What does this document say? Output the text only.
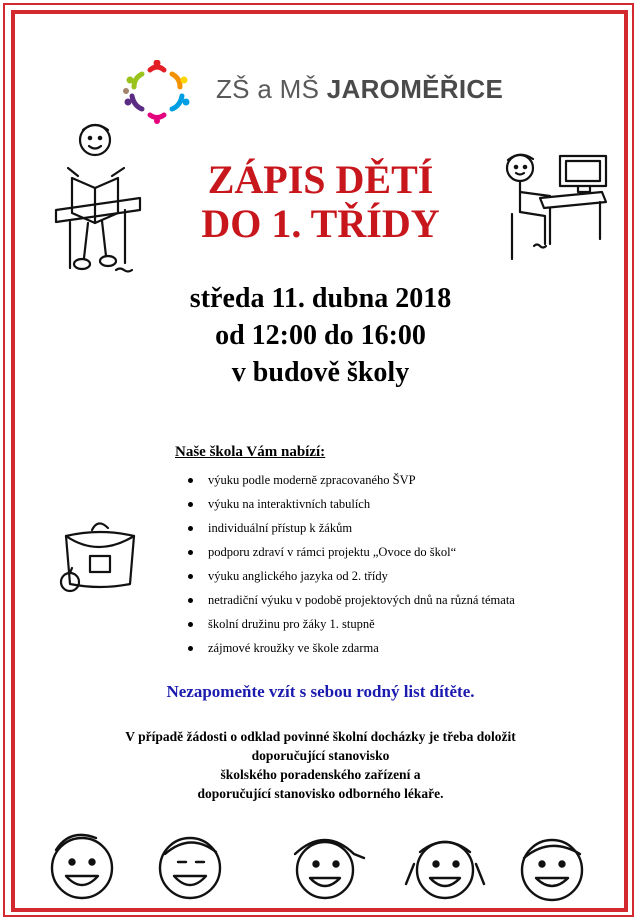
ZŠ a MŠ JAROMĚŘICE
ZÁPIS DĚTÍ
DO 1. TŘÍDY
středa 11. dubna 2018
od 12:00 do 16:00
v budově školy
Naše škola Vám nabízí:
výuku podle moderně zpracovaného ŠVP
výuku na interaktivních tabulích
individuální přístup k žákům
podporu zdraví v rámci projektu „Ovoce do škol“
výuku anglického jazyka od 2. třídy
netradiční výuku v podobě projektových dnů na různá témata
školní družinu pro žáky 1. stupně
zájmové kroužky ve škole zdarma
Nezapomeňte vzít s sebou rodný list dítěte.
V případě žádosti o odklad povinné školní docházky je třeba doložit
doporučující stanovisko
školského poradenského zařízení a
doporučující stanovisko odborného lékaře.
